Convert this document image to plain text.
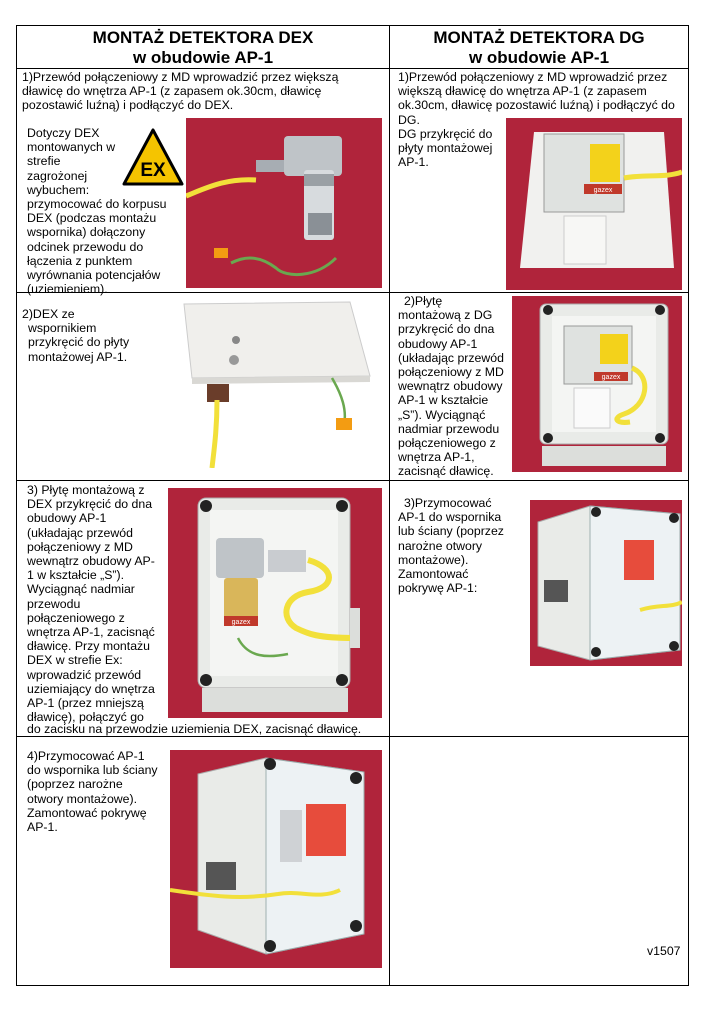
MONTAŻ DETEKTORA DEX
w obudowie AP-1
MONTAŻ DETEKTORA DG
w obudowie AP-1
1)Przewód połączeniowy z MD wprowadzić przez większą
dławicę do wnętrza AP-1 (z zapasem ok.30cm, dławicę
pozostawić luźną) i podłączyć do DEX.
Dotyczy DEX
montowanych w
strefie
zagrożonej
wybuchem:
przymocować do korpusu
DEX (podczas montażu
wspornika) dołączony
odcinek przewodu do
łączenia z punktem
wyrównania potencjałów
(uziemieniem).
EX
1)Przewód połączeniowy z MD wprowadzić przez
większą dławicę do wnętrza AP-1 (z zapasem
ok.30cm, dławicę pozostawić luźną) i podłączyć do
DG.
DG przykręcić do
płyty montażowej
AP-1.
gazex
2)DEX ze
wspornikiem
przykręcić do płyty
montażowej AP-1.
2)Płytę
montażową z DG
przykręcić do dna
obudowy AP-1
(układając przewód
połączeniowy z MD
wewnątrz obudowy
AP-1 w kształcie
„S”). Wyciągnąć
nadmiar przewodu
połączeniowego z
wnętrza AP-1,
zacisnąć dławicę.
gazex
3) Płytę montażową z
DEX przykręcić do dna
obudowy AP-1
(układając przewód
połączeniowy z MD
wewnątrz obudowy AP-
1 w kształcie „S”).
Wyciągnąć nadmiar
przewodu
połączeniowego z
wnętrza AP-1, zacisnąć
dławicę. Przy montażu
DEX w strefie Ex:
wprowadzić przewód
uziemiający do wnętrza
AP-1 (przez mniejszą
dławicę), połączyć go
do zacisku na przewodzie uziemienia DEX, zacisnąć dławicę.
gazex
3)Przymocować
AP-1 do wspornika
lub ściany (poprzez
narożne otwory
montażowe).
Zamontować
pokrywę AP-1:
4)Przymocować AP-1
do wspornika lub ściany
(poprzez narożne
otwory montażowe).
Zamontować pokrywę
AP-1.
v1507
